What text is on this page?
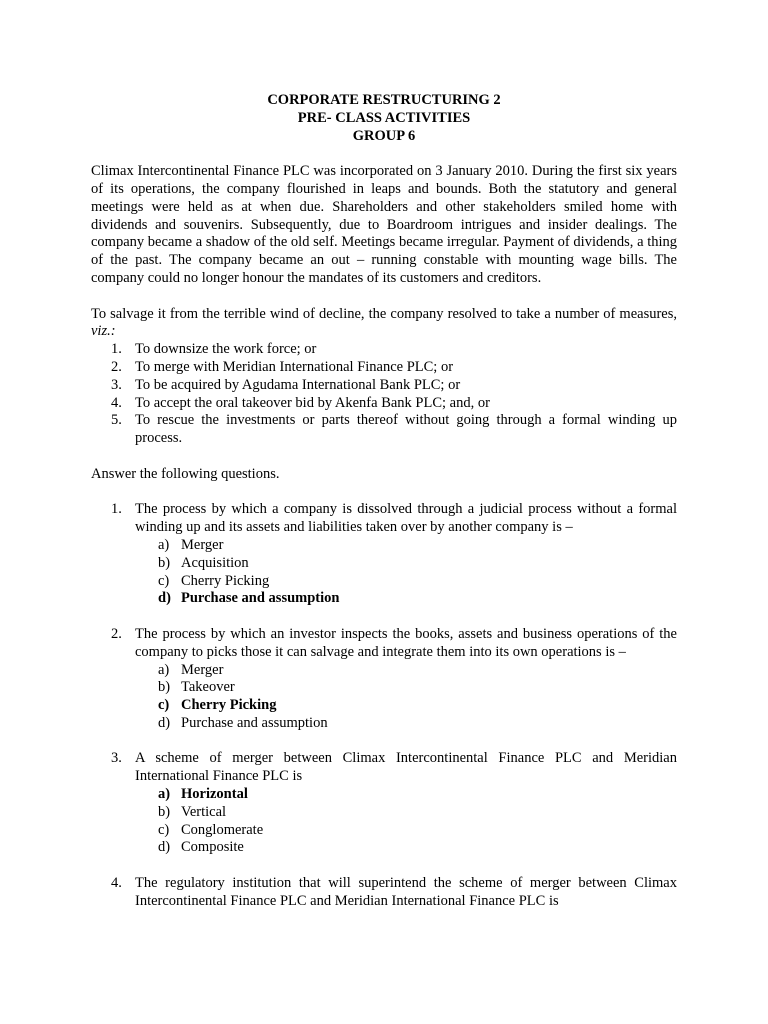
CORPORATE RESTRUCTURING 2
PRE- CLASS ACTIVITIES
GROUP 6

Climax Intercontinental Finance PLC was incorporated on 3 January 2010. During the first six years of its operations, the company flourished in leaps and bounds. Both the statutory and general meetings were held as at when due. Shareholders and other stakeholders smiled home with dividends and souvenirs. Subsequently, due to Boardroom intrigues and insider dealings. The company became a shadow of the old self. Meetings became irregular. Payment of dividends, a thing of the past. The company became an out – running constable with mounting wage bills. The company could no longer honour the mandates of its customers and creditors.

To salvage it from the terrible wind of decline, the company resolved to take a number of measures, viz.:

1. To downsize the work force; or
2. To merge with Meridian International Finance PLC; or
3. To be acquired by Agudama International Bank PLC; or
4. To accept the oral takeover bid by Akenfa Bank PLC; and, or
5. To rescue the investments or parts thereof without going through a formal winding up process.

Answer the following questions.

1. The process by which a company is dissolved through a judicial process without a formal winding up and its assets and liabilities taken over by another company is –
a) Merger
b) Acquisition
c) Cherry Picking
d) Purchase and assumption
2. The process by which an investor inspects the books, assets and business operations of the company to picks those it can salvage and integrate them into its own operations is –
a) Merger
b) Takeover
c) Cherry Picking
d) Purchase and assumption
3. A scheme of merger between Climax Intercontinental Finance PLC and Meridian International Finance PLC is
a) Horizontal
b) Vertical
c) Conglomerate
d) Composite
4. The regulatory institution that will superintend the scheme of merger between Climax Intercontinental Finance PLC and Meridian International Finance PLC is
